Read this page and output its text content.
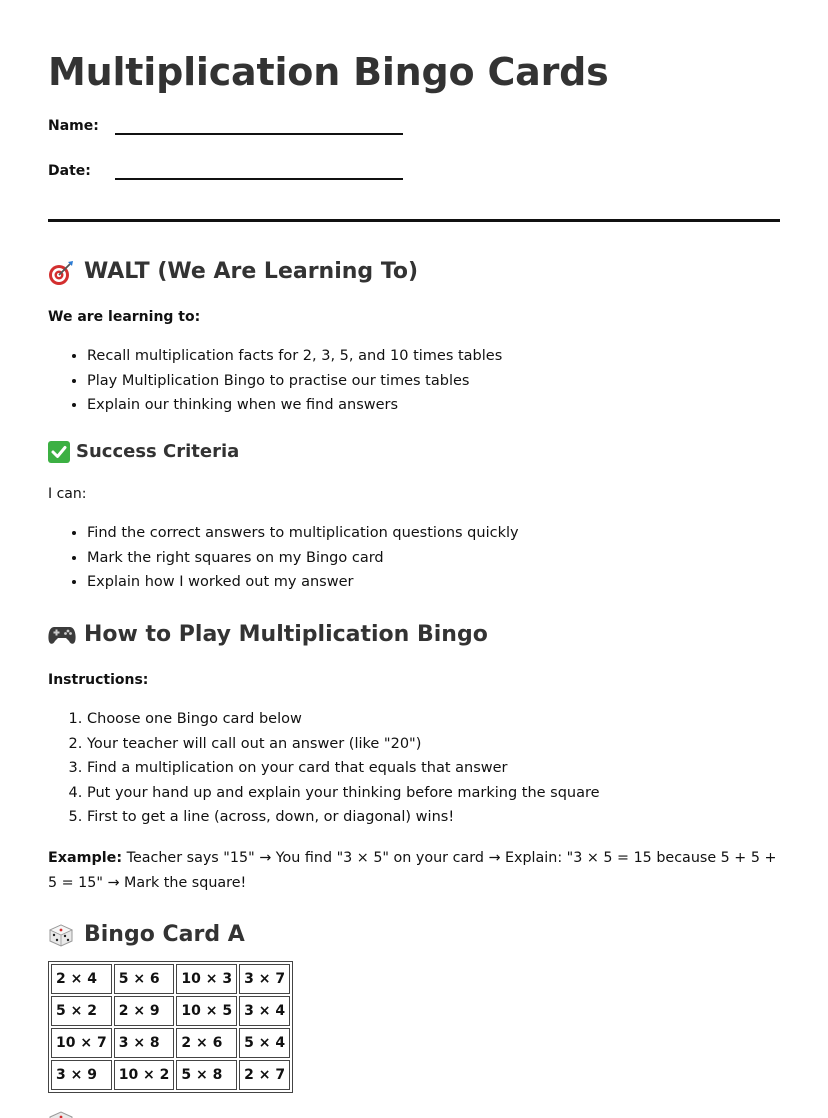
Multiplication Bingo Cards
Name:
Date:
WALT (We Are Learning To)

We are learning to:

• Recall multiplication facts for 2, 3, 5, and 10 times tables
• Play Multiplication Bingo to practise our times tables
• Explain our thinking when we find answers
Success Criteria

I can:

• Find the correct answers to multiplication questions quickly
• Mark the right squares on my Bingo card
• Explain how I worked out my answer
How to Play Multiplication Bingo

Instructions:

1. Choose one Bingo card below
2. Your teacher will call out an answer (like "20")
3. Find a multiplication on your card that equals that answer
4. Put your hand up and explain your thinking before marking the square
5. First to get a line (across, down, or diagonal) wins!

Example: Teacher says "15" → You find "3 × 5" on your card → Explain: "3 × 5 = 15 because 5 + 5 + 5 = 15" → Mark the square!

Bingo Card A
2 × 4	5 × 6	10 × 3	3 × 7
5 × 2	2 × 9	10 × 5	3 × 4
10 × 7	3 × 8	2 × 6	5 × 4
3 × 9	10 × 2	5 × 8	2 × 7
